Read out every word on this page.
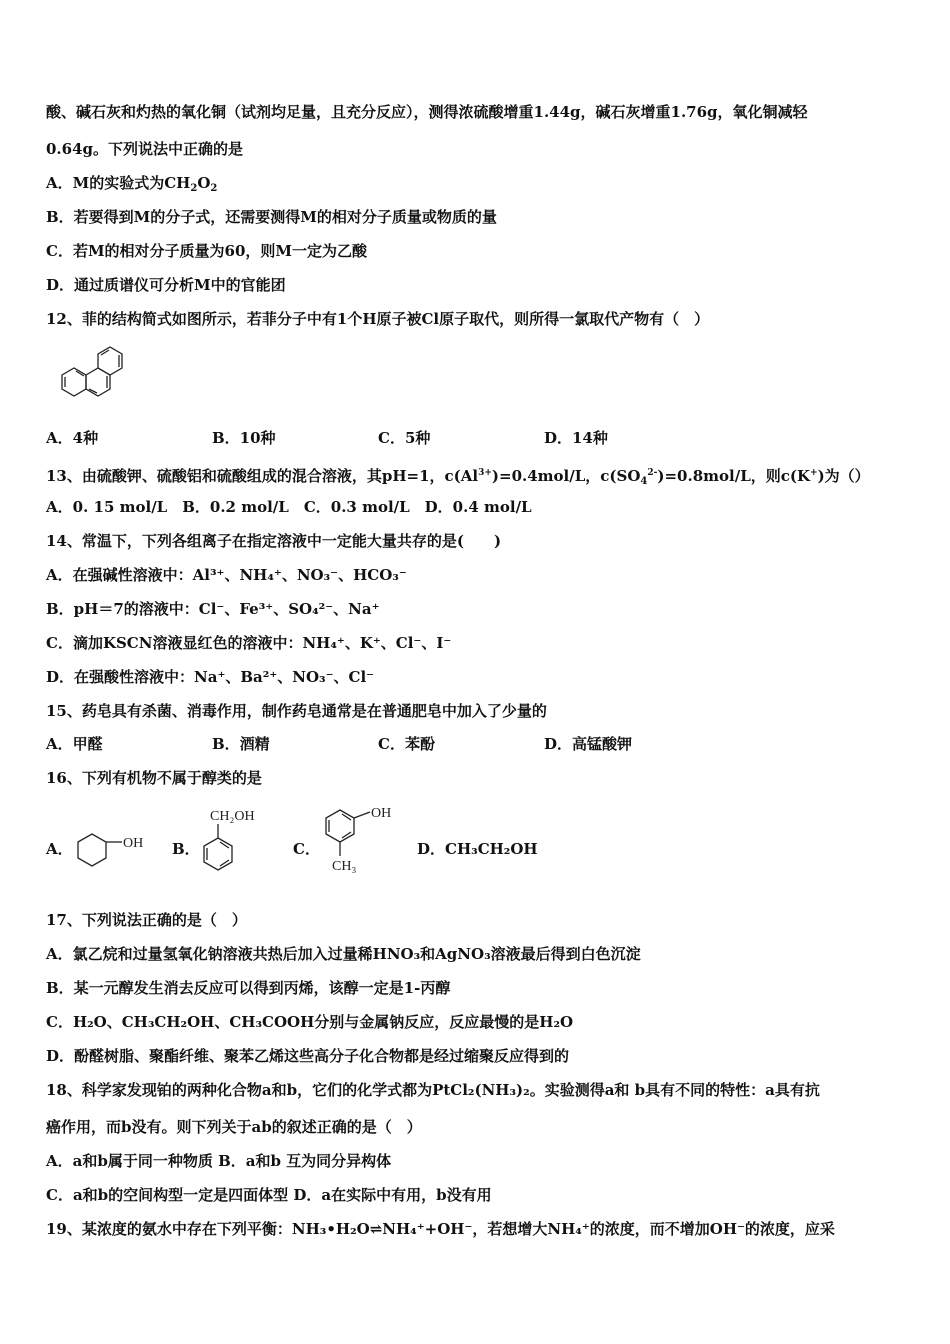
酸、碱石灰和灼热的氧化铜（试剂均足量，且充分反应），测得浓硫酸增重1.44g，碱石灰增重1.76g，氧化铜减轻
0.64g。下列说法中正确的是
A．M的实验式为$CH_2O_2$
B．若要得到M的分子式，还需要测得M的相对分子质量或物质的量
C．若M的相对分子质量为60，则M一定为乙酸
D．通过质谱仪可分析M中的官能团
12、菲的结构简式如图所示，若菲分子中有1个H原子被Cl原子取代，则所得一氯取代产物有（　）
A．4种	B．10种	C．5种	D．14种
13、由硫酸钾、硫酸铝和硫酸组成的混合溶液，其pH=1，$c(Al^{3+})=0.4mol/L$，$c(SO_4^{2-})=0.8mol/L$，则c(K+)为（）
A．0. 15 mol/L　B．0.2 mol/L　C．0.3 mol/L　D．0.4 mol/L
14、常温下，下列各组离子在指定溶液中一定能大量共存的是(　　)
A．在强碱性溶液中：Al³⁺、NH₄⁺、NO₃⁻、HCO₃⁻
B．pH＝7的溶液中：Cl⁻、Fe³⁺、SO₄²⁻、Na⁺
C．滴加KSCN溶液显红色的溶液中：NH₄⁺、K⁺、Cl⁻、I⁻
D．在强酸性溶液中：Na⁺、Ba²⁺、NO₃⁻、Cl⁻
15、药皂具有杀菌、消毒作用，制作药皂通常是在普通肥皂中加入了少量的
A．甲醛	B．酒精	C．苯酚	D．高锰酸钾
16、下列有机物不属于醇类的是
A．	OH B．
CH₂OH
C．
OH
CH₃
D．CH₃CH₂OH
17、下列说法正确的是（　）
A．氯乙烷和过量氢氧化钠溶液共热后加入过量稀HNO₃和AgNO₃溶液最后得到白色沉淀
B．某一元醇发生消去反应可以得到丙烯，该醇一定是1-丙醇
C．H₂O、CH₃CH₂OH、CH₃COOH分别与金属钠反应，反应最慢的是H₂O
D．酚醛树脂、聚酯纤维、聚苯乙烯这些高分子化合物都是经过缩聚反应得到的
18、科学家发现铂的两种化合物a和b，它们的化学式都为PtCl₂(NH₃)₂。实验测得a和 b具有不同的特性：a具有抗
癌作用，而b没有。则下列关于ab的叙述正确的是（　）
A．a和b属于同一种物质 B．a和b 互为同分异构体
C．a和b的空间构型一定是四面体型 D．a在实际中有用，b没有用
19、某浓度的氨水中存在下列平衡：NH₃•H₂O⇌NH₄⁺+OH⁻，若想增大NH₄⁺的浓度，而不增加OH⁻的浓度，应采
